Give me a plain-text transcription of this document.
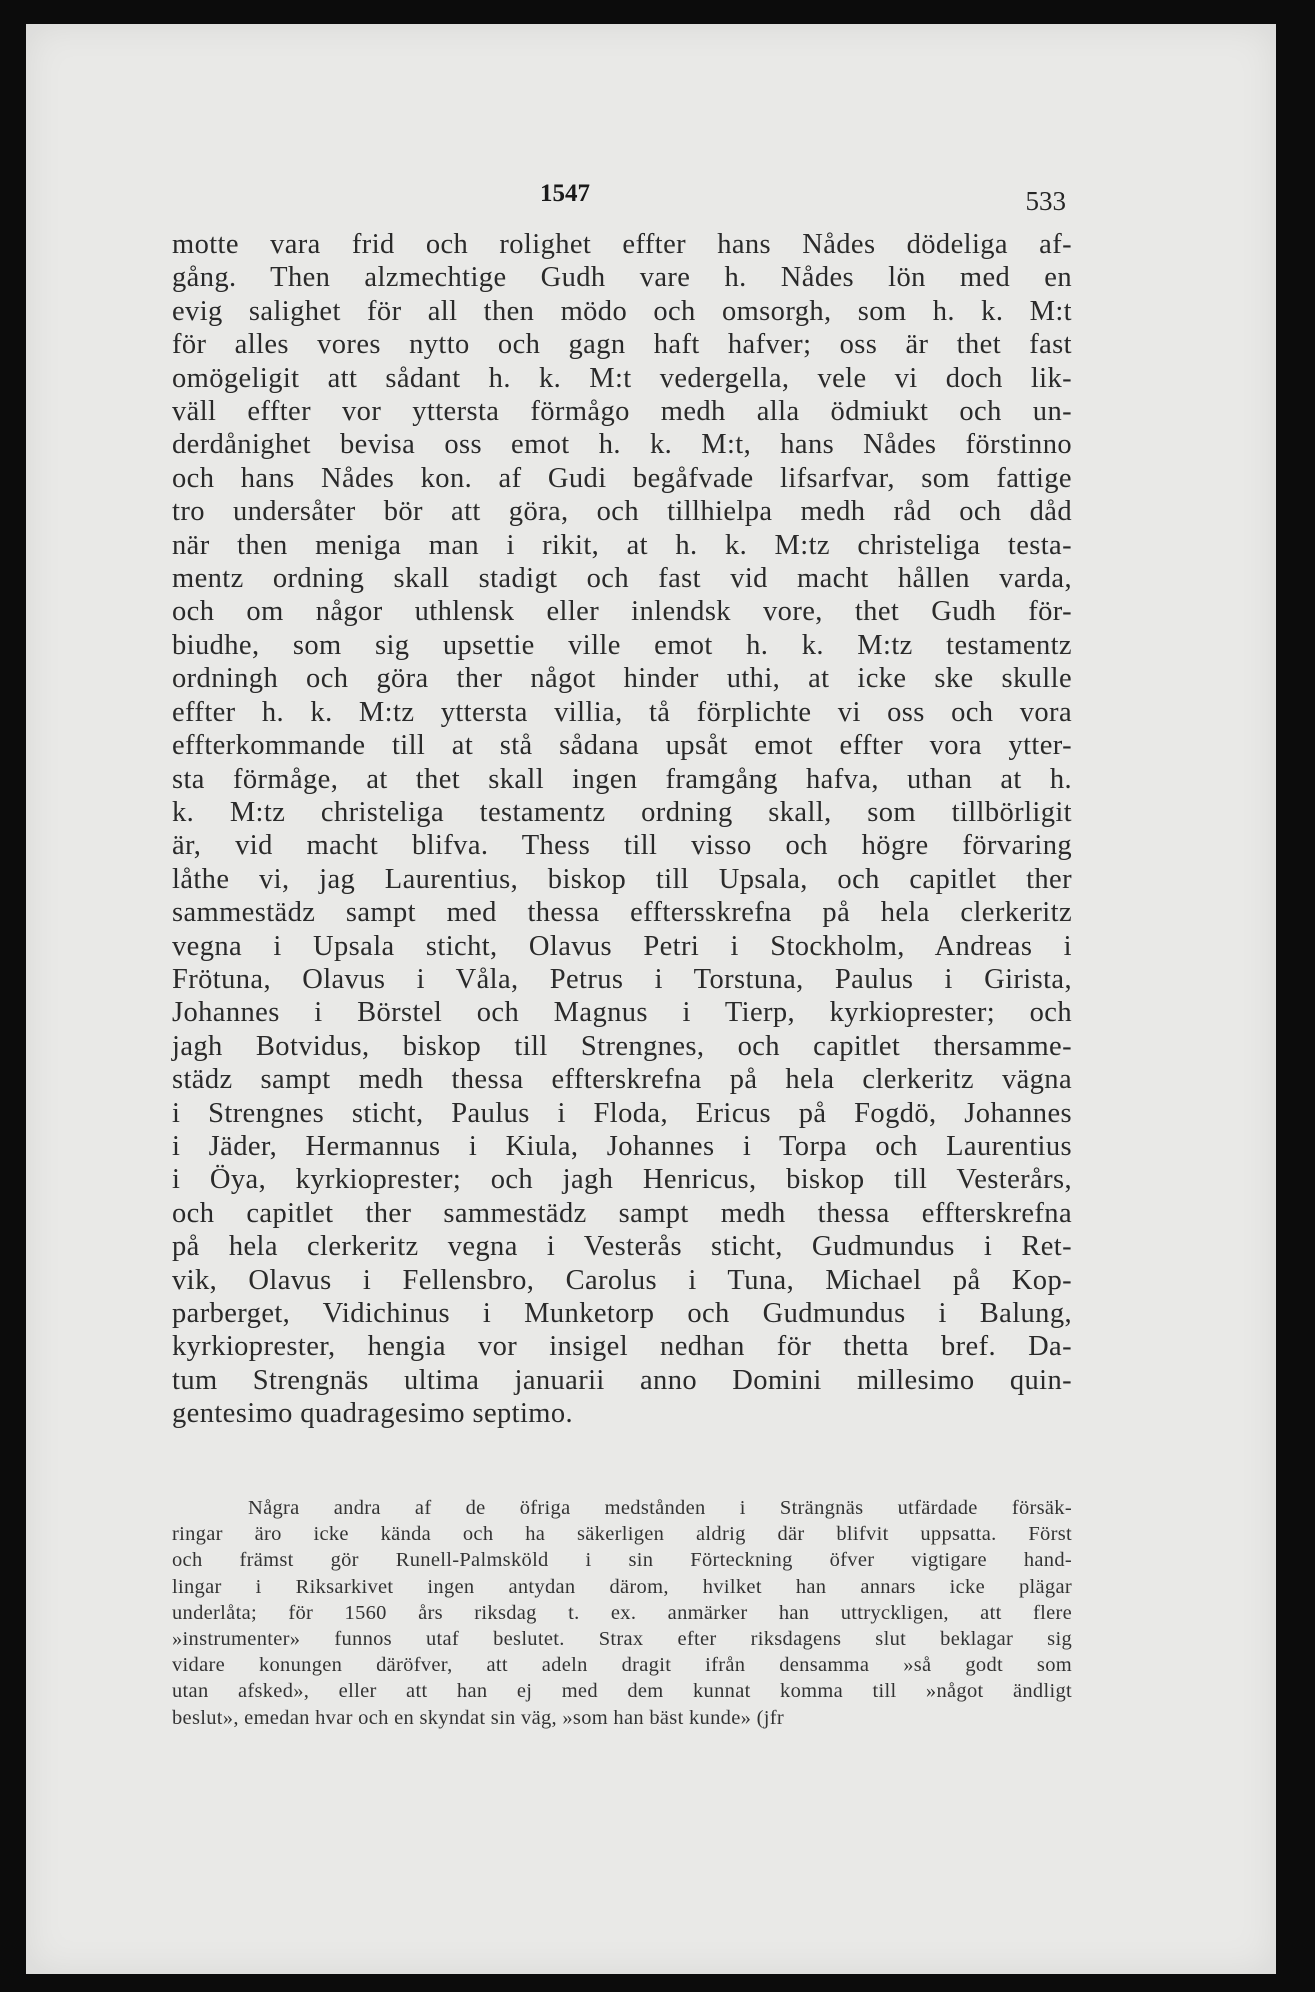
1547	533
motte vara frid och rolighet effter hans Nådes dödeliga af-
gång. Then alzmechtige Gudh vare h. Nådes lön med en
evig salighet för all then mödo och omsorgh, som h. k. M:t
för alles vores nytto och gagn haft hafver; oss är thet fast
omögeligit att sådant h. k. M:t vedergella, vele vi doch lik-
väll effter vor yttersta förmågo medh alla ödmiukt och un-
derdånighet bevisa oss emot h. k. M:t, hans Nådes förstinno
och hans Nådes kon. af Gudi begåfvade lifsarfvar, som fattige
tro undersåter bör att göra, och tillhielpa medh råd och dåd
när then meniga man i rikit, at h. k. M:tz christeliga testa-
mentz ordning skall stadigt och fast vid macht hållen varda,
och om någor uthlensk eller inlendsk vore, thet Gudh för-
biudhe, som sig upsettie ville emot h. k. M:tz testamentz
ordningh och göra ther något hinder uthi, at icke ske skulle
effter h. k. M:tz yttersta villia, tå förplichte vi oss och vora
effterkommande till at stå sådana upsåt emot effter vora ytter-
sta förmåge, at thet skall ingen framgång hafva, uthan at h.
k. M:tz christeliga testamentz ordning skall, som tillbörligit
är, vid macht blifva. Thess till visso och högre förvaring
låthe vi, jag Laurentius, biskop till Upsala, och capitlet ther
sammestädz sampt med thessa efftersskrefna på hela clerkeritz
vegna i Upsala sticht, Olavus Petri i Stockholm, Andreas i
Frötuna, Olavus i Våla, Petrus i Torstuna, Paulus i Girista,
Johannes i Börstel och Magnus i Tierp, kyrkioprester; och
jagh Botvidus, biskop till Strengnes, och capitlet thersamme-
städz sampt medh thessa effterskrefna på hela clerkeritz vägna
i Strengnes sticht, Paulus i Floda, Ericus på Fogdö, Johannes
i Jäder, Hermannus i Kiula, Johannes i Torpa och Laurentius
i Öya, kyrkioprester; och jagh Henricus, biskop till Vesterårs,
och capitlet ther sammestädz sampt medh thessa effterskrefna
på hela clerkeritz vegna i Vesterås sticht, Gudmundus i Ret-
vik, Olavus i Fellensbro, Carolus i Tuna, Michael på Kop-
parberget, Vidichinus i Munketorp och Gudmundus i Balung,
kyrkioprester, hengia vor insigel nedhan för thetta bref. Da-
tum Strengnäs ultima januarii anno Domini millesimo quin-
gentesimo quadragesimo septimo.
Några andra af de öfriga medstånden i Strängnäs utfärdade försäk-
ringar äro icke kända och ha säkerligen aldrig där blifvit uppsatta. Först
och främst gör Runell-Palmsköld i sin Förteckning öfver vigtigare hand-
lingar i Riksarkivet ingen antydan därom, hvilket han annars icke plägar
underlåta; för 1560 års riksdag t. ex. anmärker han uttryckligen, att flere
»instrumenter» funnos utaf beslutet. Strax efter riksdagens slut beklagar sig
vidare konungen däröfver, att adeln dragit ifrån densamma »så godt som
utan afsked», eller att han ej med dem kunnat komma till »något ändligt
beslut», emedan hvar och en skyndat sin väg, »som han bäst kunde» (jfr
